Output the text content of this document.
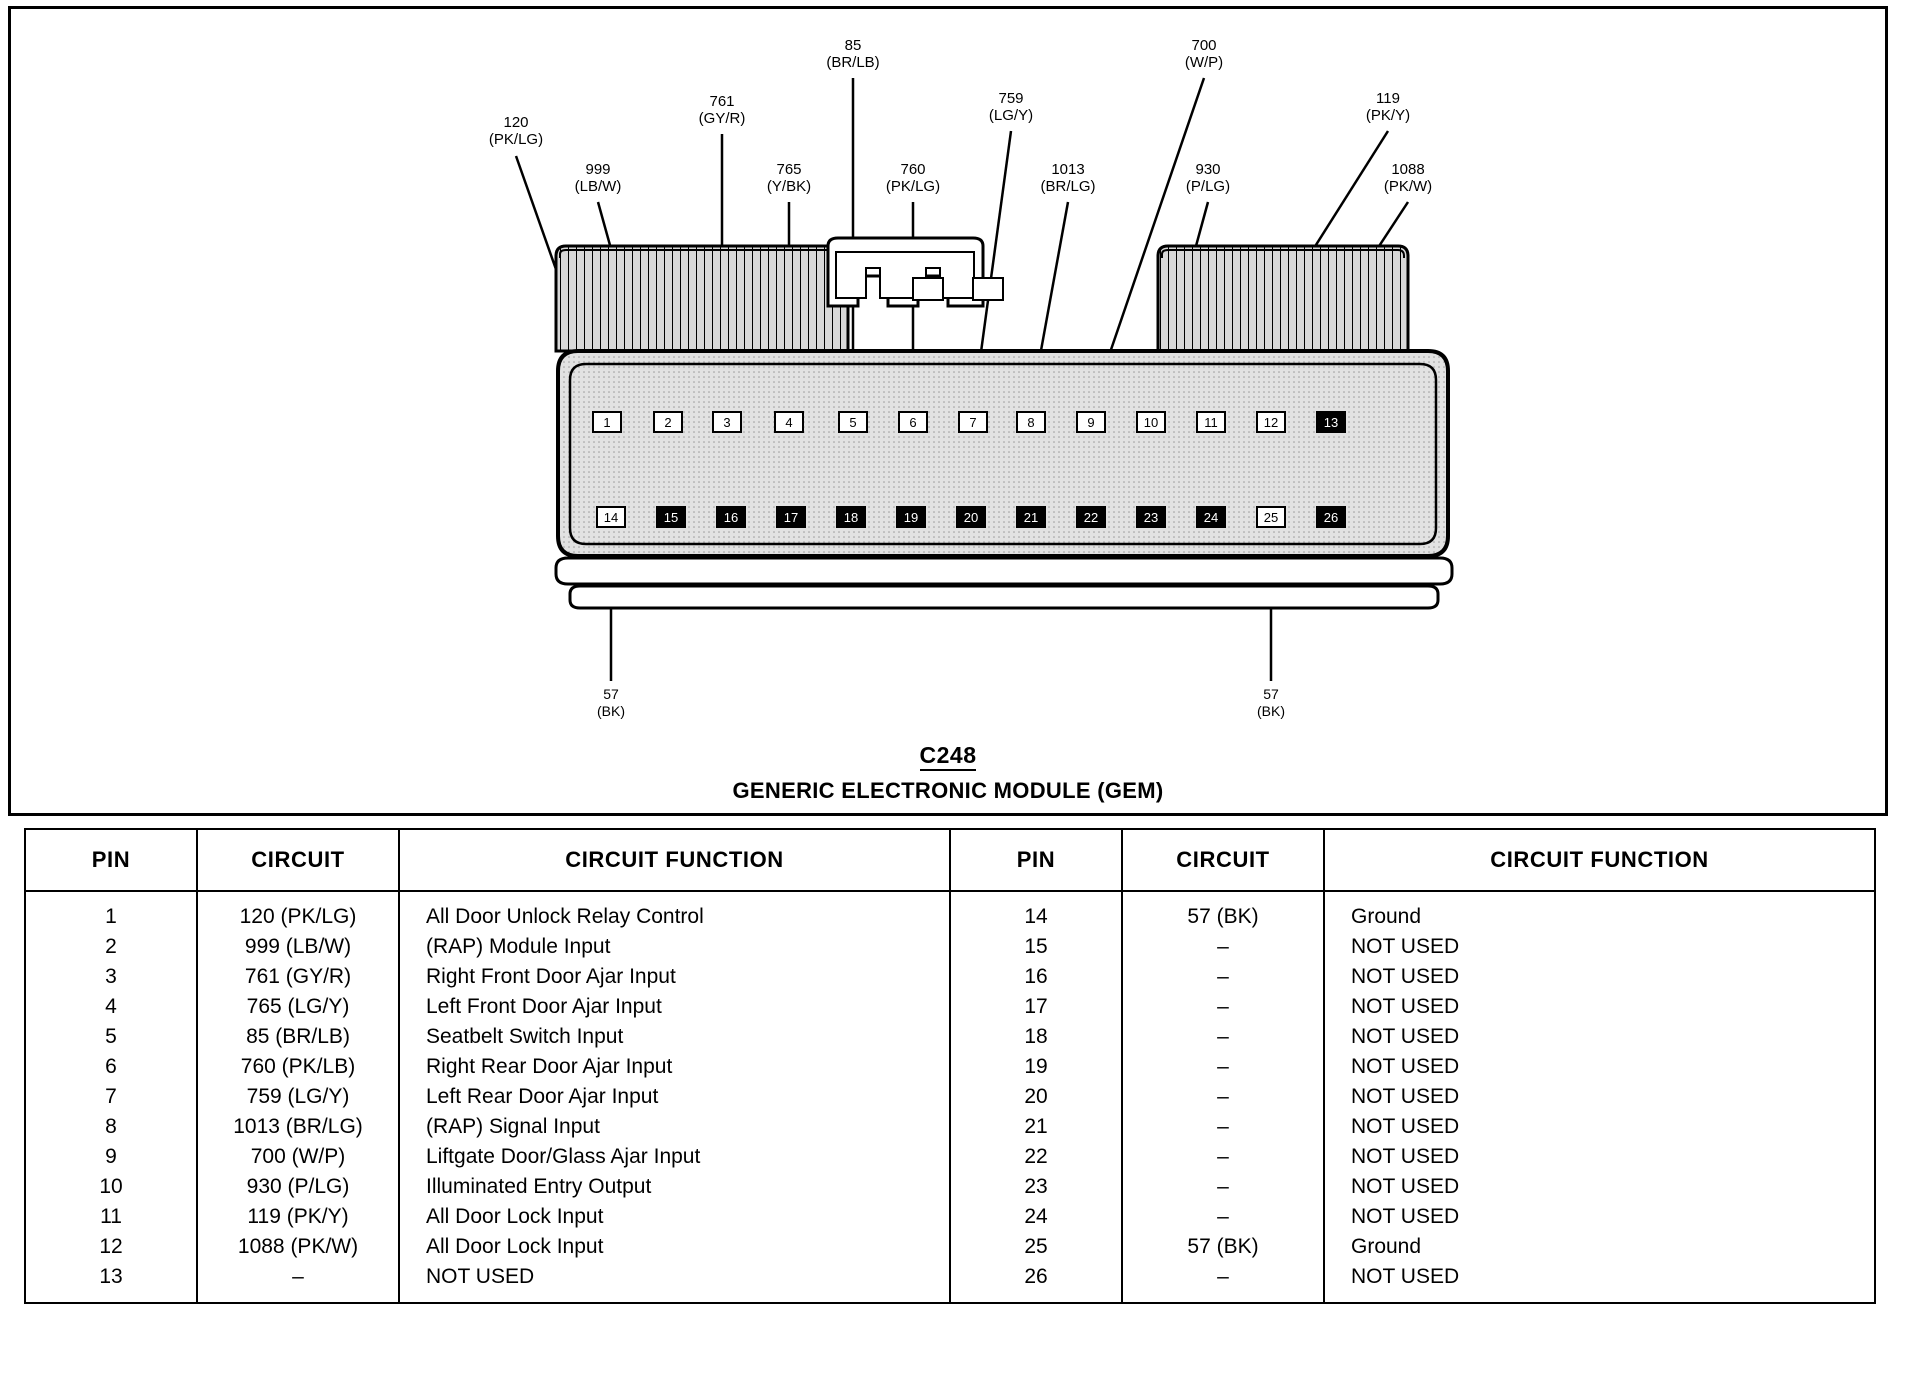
120
(PK/LG)
999
(LB/W)
761
(GY/R)
765
(Y/BK)
85
(BR/LB)
760
(PK/LG)
759
(LG/Y)
1013
(BR/LG)
700
(W/P)
930
(P/LG)
119
(PK/Y)
1088
(PK/W)
57
(BK)
57
(BK)
1	2	3	4	5	6	7	8	9	10	11	12	13
14	15	16	17	18	19	20	21	22	23	24	25	26
C248
GENERIC ELECTRONIC MODULE (GEM)
PIN	CIRCUIT	CIRCUIT FUNCTION	PIN	CIRCUIT	CIRCUIT FUNCTION
1	120 (PK/LG)	All Door Unlock Relay Control	14	57 (BK)	Ground
2	999 (LB/W)	(RAP) Module Input	15	–	NOT USED
3	761 (GY/R)	Right Front Door Ajar Input	16	–	NOT USED
4	765 (LG/Y)	Left Front Door Ajar Input	17	–	NOT USED
5	85 (BR/LB)	Seatbelt Switch Input	18	–	NOT USED
6	760 (PK/LB)	Right Rear Door Ajar Input	19	–	NOT USED
7	759 (LG/Y)	Left Rear Door Ajar Input	20	–	NOT USED
8	1013 (BR/LG)	(RAP) Signal Input	21	–	NOT USED
9	700 (W/P)	Liftgate Door/Glass Ajar Input	22	–	NOT USED
10	930 (P/LG)	Illuminated Entry Output	23	–	NOT USED
11	119 (PK/Y)	All Door Lock Input	24	–	NOT USED
12	1088 (PK/W)	All Door Lock Input	25	57 (BK)	Ground
13	–	NOT USED	26	–	NOT USED
